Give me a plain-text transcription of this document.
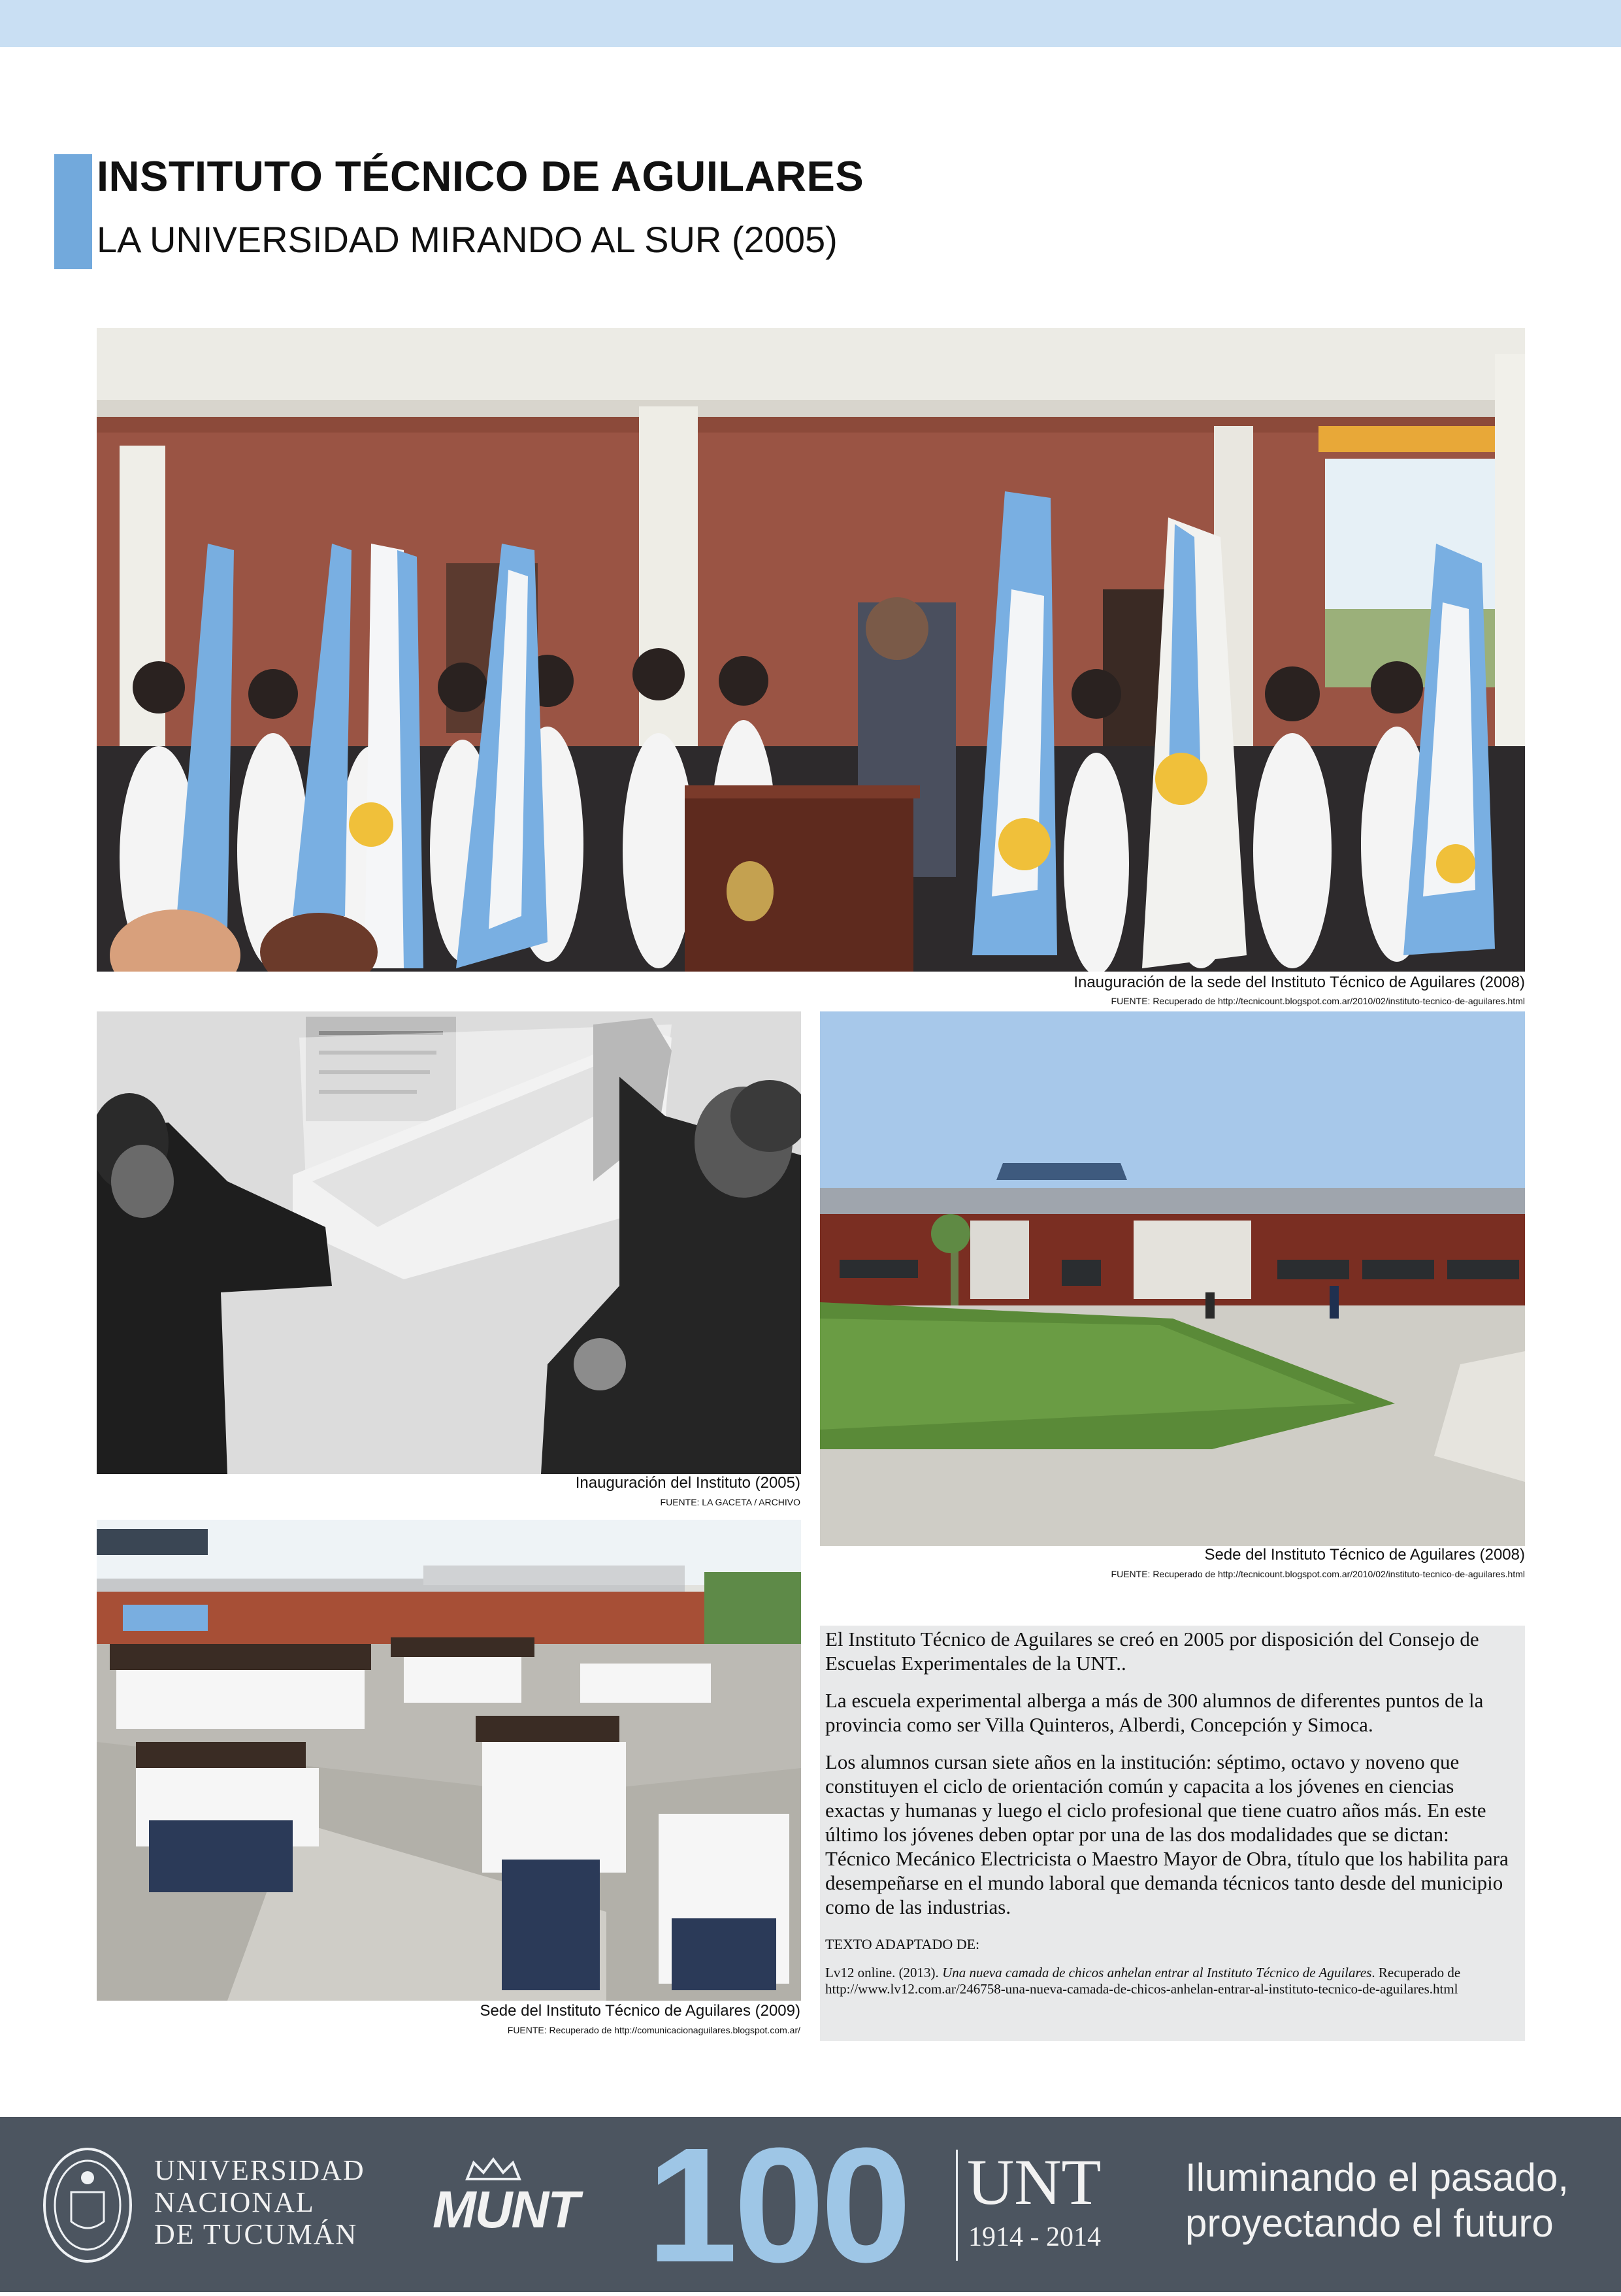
INSTITUTO TÉCNICO DE AGUILARES
LA UNIVERSIDAD MIRANDO AL SUR (2005)
Inauguración de la sede del Instituto Técnico de Aguilares (2008)
FUENTE: Recuperado de http://tecnicount.blogspot.com.ar/2010/02/instituto-tecnico-de-aguilares.html
Inauguración del Instituto (2005)
FUENTE: LA GACETA / ARCHIVO
Sede del Instituto Técnico de Aguilares (2008)
FUENTE: Recuperado de http://tecnicount.blogspot.com.ar/2010/02/instituto-tecnico-de-aguilares.html
Sede del Instituto Técnico de Aguilares (2009)
FUENTE: Recuperado de http://comunicacionaguilares.blogspot.com.ar/

El Instituto Técnico de Aguilares se creó en 2005 por disposición del Consejo de Escuelas Experimentales de la UNT..

La escuela experimental alberga a más de 300 alumnos de diferentes puntos de la provincia como ser Villa Quinteros, Alberdi, Concepción y Simoca.

Los alumnos cursan siete años en la institución: séptimo, octavo y noveno que constituyen el ciclo de orientación común y capacita a los jóvenes en ciencias exactas y humanas y luego el ciclo profesional que tiene cuatro años más. En este último los jóvenes deben optar por una de las dos modalidades que se dictan: Técnico Mecánico Electricista o Maestro Mayor de Obra, título que los habilita para desempeñarse en el mundo laboral que demanda técnicos tanto desde del municipio como de las industrias.

TEXTO ADAPTADO DE:
Lv12 online. (2013). Una nueva camada de chicos anhelan entrar al Instituto Técnico de Aguilares. Recuperado de http://www.lv12.com.ar/246758-una-nueva-camada-de-chicos-anhelan-entrar-al-instituto-tecnico-de-aguilares.html
UNIVERSIDAD
NACIONAL
DE TUCUMÁN MUNT 100 UNT
1914 - 2014
Iluminando el pasado,
proyectando el futuro
